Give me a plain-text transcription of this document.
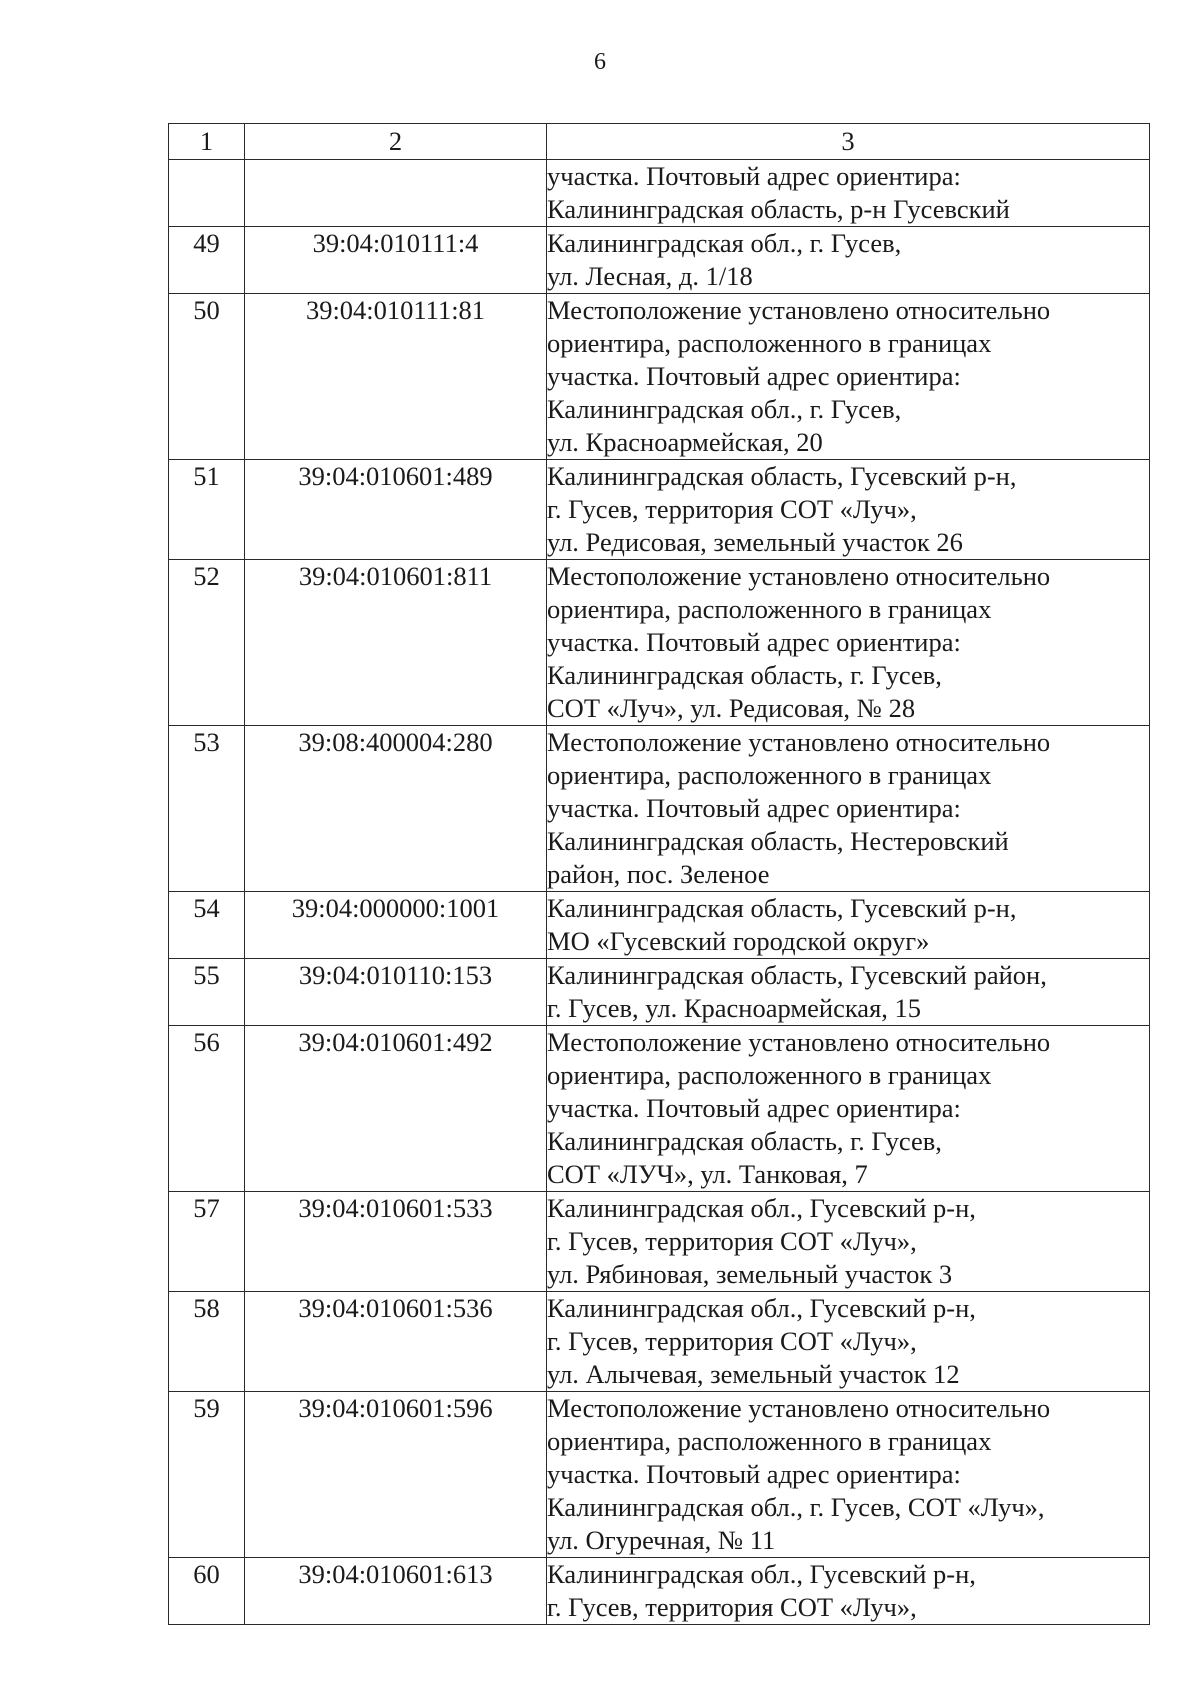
6
1	2	3

		участка. Почтовый адрес ориентира:
Калининградская область, р-н Гусевский

49	39:04:010111:4	Калининградская обл., г. Гусев,
ул. Лесная, д. 1/18

50	39:04:010111:81	Местоположение установлено относительно
ориентира, расположенного в границах
участка. Почтовый адрес ориентира:
Калининградская обл., г. Гусев,
ул. Красноармейская, 20

51	39:04:010601:489	Калининградская область, Гусевский р-н,
г. Гусев, территория СОТ «Луч»,
ул. Редисовая, земельный участок 26

52	39:04:010601:811	Местоположение установлено относительно
ориентира, расположенного в границах
участка. Почтовый адрес ориентира:
Калининградская область, г. Гусев,
СОТ «Луч», ул. Редисовая, № 28

53	39:08:400004:280	Местоположение установлено относительно
ориентира, расположенного в границах
участка. Почтовый адрес ориентира:
Калининградская область, Нестеровский
район, пос. Зеленое

54	39:04:000000:1001	Калининградская область, Гусевский р-н,
МО «Гусевский городской округ»

55	39:04:010110:153	Калининградская область, Гусевский район,
г. Гусев, ул. Красноармейская, 15

56	39:04:010601:492	Местоположение установлено относительно
ориентира, расположенного в границах
участка. Почтовый адрес ориентира:
Калининградская область, г. Гусев,
СОТ «ЛУЧ», ул. Танковая, 7

57	39:04:010601:533	Калининградская обл., Гусевский р-н,
г. Гусев, территория СОТ «Луч»,
ул. Рябиновая, земельный участок 3

58	39:04:010601:536	Калининградская обл., Гусевский р-н,
г. Гусев, территория СОТ «Луч»,
ул. Алычевая, земельный участок 12

59	39:04:010601:596	Местоположение установлено относительно
ориентира, расположенного в границах
участка. Почтовый адрес ориентира:
Калининградская обл., г. Гусев, СОТ «Луч»,
ул. Огуречная, № 11

60	39:04:010601:613	Калининградская обл., Гусевский р-н,
г. Гусев, территория СОТ «Луч»,
